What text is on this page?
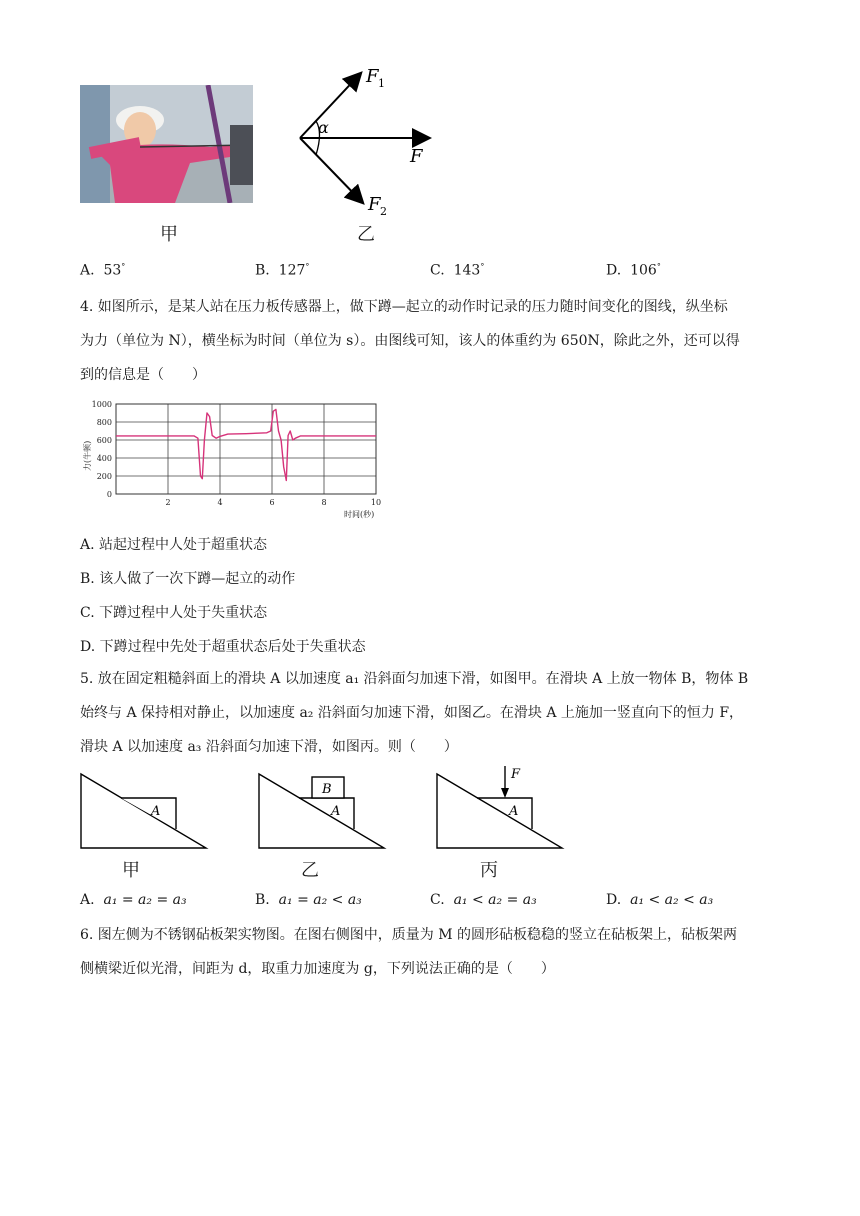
甲
F 1
α
F
F 2
乙
A. 53°	B. 127°	C. 143°	D. 106°
4. 如图所示，是某人站在压力板传感器上，做下蹲—起立的动作时记录的压力随时间变化的图线，纵坐标
为力（单位为 N），横坐标为时间（单位为 s）。由图线可知，该人的体重约为 650N，除此之外，还可以得
到的信息是（　　）
0
200
400
600
800
1000
2	4	6	8	10
时间(秒)
力(牛顿)
A. 站起过程中人处于超重状态
B. 该人做了一次下蹲—起立的动作
C. 下蹲过程中人处于失重状态
D. 下蹲过程中先处于超重状态后处于失重状态
5. 放在固定粗糙斜面上的滑块 A 以加速度 a₁ 沿斜面匀加速下滑，如图甲。在滑块 A 上放一物体 B，物体 B
始终与 A 保持相对静止，以加速度 a₂ 沿斜面匀加速下滑，如图乙。在滑块 A 上施加一竖直向下的恒力 F，
滑块 A 以加速度 a₃ 沿斜面匀加速下滑，如图丙。则（　　）
A
甲
B
A
乙
F
A
丙
A. a₁ = a₂ = a₃	B. a₁ = a₂ < a₃	C. a₁ < a₂ = a₃	D. a₁ < a₂ < a₃
6. 图左侧为不锈钢砧板架实物图。在图右侧图中，质量为 M 的圆形砧板稳稳的竖立在砧板架上，砧板架两
侧横梁近似光滑，间距为 d，取重力加速度为 g，下列说法正确的是（　　）
